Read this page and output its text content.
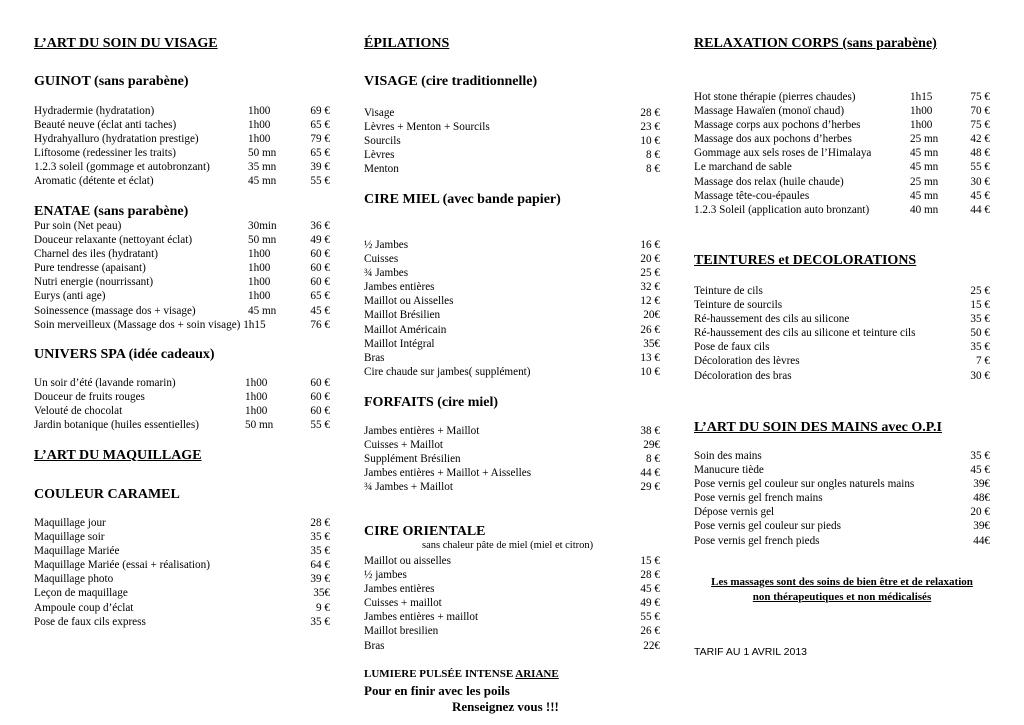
L’ART DU SOIN DU VISAGE
GUINOT (sans parabène)
Hydradermie (hydratation)	1h00	69 €
Beauté neuve (éclat anti taches)	1h00	65 €
Hydrahyalluro (hydratation prestige)	1h00	79 €
Liftosome (redessiner les traits)	50 mn	65 €
1.2.3 soleil (gommage et autobronzant)	35 mn	39 €
Aromatic (détente et éclat)	45 mn	55 €
ENATAE (sans parabène)
Pur soin (Net peau)	30min	36 €
Douceur relaxante (nettoyant éclat)	50 mn	49 €
Charnel des iles (hydratant)	1h00	60 €
Pure tendresse (apaisant)	1h00	60 €
Nutri energie (nourrissant)	1h00	60 €
Eurys (anti age)	1h00	65 €
Soinessence (massage dos + visage)	45 mn	45 €
Soin merveilleux (Massage dos + soin visage) 1h15	76 €
UNIVERS SPA (idée cadeaux)
Un soir d’été (lavande romarin)	1h00	60 €
Douceur de fruits rouges	1h00	60 €
Velouté de chocolat	1h00	60 €
Jardin botanique (huiles essentielles)	50 mn	55 €
L’ART DU MAQUILLAGE
COULEUR CARAMEL
Maquillage jour	28 €
Maquillage soir	35 €
Maquillage Mariée	35 €
Maquillage Mariée (essai + réalisation)	64 €
Maquillage photo	39 €
Leçon de maquillage	35€
Ampoule coup d’éclat	9 €
Pose de faux cils express	35 €
ÉPILATIONS
VISAGE (cire traditionnelle)
Visage	28 €
Lèvres + Menton + Sourcils	23 €
Sourcils	10 €
Lèvres	8 €
Menton	8 €
CIRE MIEL (avec bande papier)
½ Jambes	16 €
Cuisses	20 €
¾ Jambes	25 €
Jambes entières	32 €
Maillot ou Aisselles	12 €
Maillot Brésilien	20€
Maillot Américain	26 €
Maillot Intégral	35€
Bras	13 €
Cire chaude sur jambes( supplément)	10 €
FORFAITS (cire miel)
Jambes entières + Maillot	38 €
Cuisses + Maillot	29€
Supplément Brésilien	8 €
Jambes entières + Maillot + Aisselles	44 €
¾ Jambes + Maillot	29 €
CIRE ORIENTALE
sans chaleur pâte de miel (miel et citron)
Maillot ou aisselles	15 €
½ jambes	28 €
Jambes entières	45 €
Cuisses + maillot	49 €
Jambes entières + maillot	55 €
Maillot bresilien	26 €
Bras	22€
LUMIERE PULSÉE INTENSE ARIANE
Pour en finir avec les poils
Renseignez vous !!!
RELAXATION CORPS (sans parabène)
Hot stone thérapie (pierres chaudes)	1h15	75 €
Massage Hawaïen (monoï chaud)	1h00	70 €
Massage corps aux pochons d’herbes	1h00	75 €
Massage dos aux pochons d’herbes	25 mn	42 €
Gommage aux sels roses de l’Himalaya	45 mn	48 €
Le marchand de sable	45 mn	55 €
Massage dos relax (huile chaude)	25 mn	30 €
Massage tête-cou-épaules	45 mn	45 €
1.2.3 Soleil (application auto bronzant)	40 mn	44 €
TEINTURES et DECOLORATIONS
Teinture de cils	25 €
Teinture de sourcils	15 €
Ré-haussement des cils au silicone	35 €
Ré-haussement des cils au silicone et teinture cils	50 €
Pose de faux cils	35 €
Décoloration des lèvres	7 €
Décoloration des bras	30 €
L’ART DU SOIN DES MAINS avec O.P.I
Soin des mains	35 €
Manucure tiède	45 €
Pose vernis gel couleur sur ongles naturels mains	39€
Pose vernis gel french mains	48€
Dépose vernis gel	20 €
Pose vernis gel couleur sur pieds	39€
Pose vernis gel french pieds	44€
Les massages sont des soins de bien être et de relaxation
non thérapeutiques et non médicalisés
TARIF AU 1 AVRIL 2013
